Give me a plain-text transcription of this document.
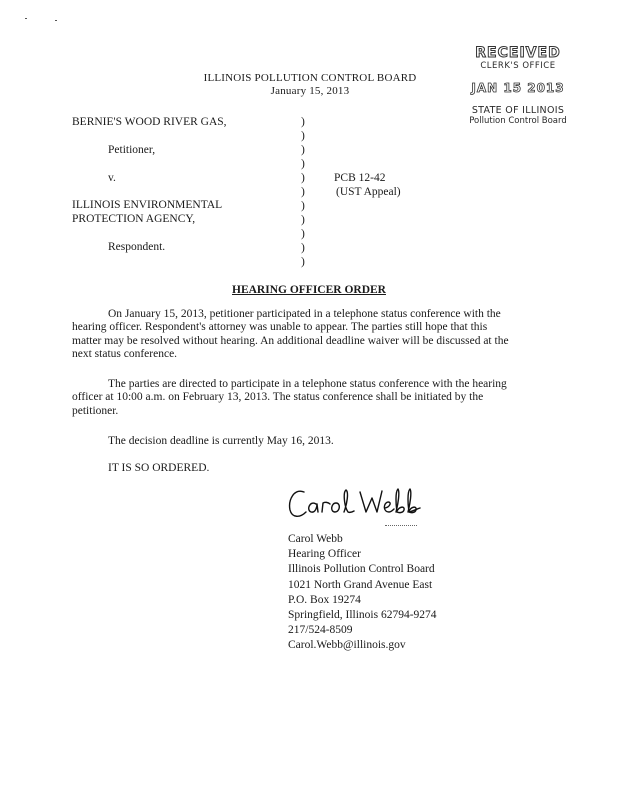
RECEIVED
CLERK'S OFFICE
JAN 15 2013
STATE OF ILLINOIS
Pollution Control Board
ILLINOIS POLLUTION CONTROL BOARD
January 15, 2013
BERNIE'S WOOD RIVER GAS,
Petitioner,
v.
ILLINOIS ENVIRONMENTAL
PROTECTION AGENCY,
Respondent.
)
)
)
)
)
)
)
)
)
)
)
PCB 12-42
(UST Appeal)
HEARING OFFICER ORDER
On January 15, 2013, petitioner participated in a telephone status conference with the
hearing officer. Respondent's attorney was unable to appear. The parties still hope that this
matter may be resolved without hearing. An additional deadline waiver will be discussed at the
next status conference.
The parties are directed to participate in a telephone status conference with the hearing
officer at 10:00 a.m. on February 13, 2013. The status conference shall be initiated by the
petitioner.
The decision deadline is currently May 16, 2013.
IT IS SO ORDERED.
Carol Webb
Hearing Officer
Illinois Pollution Control Board
1021 North Grand Avenue East
P.O. Box 19274
Springfield, Illinois 62794-9274
217/524-8509
Carol.Webb@illinois.gov
